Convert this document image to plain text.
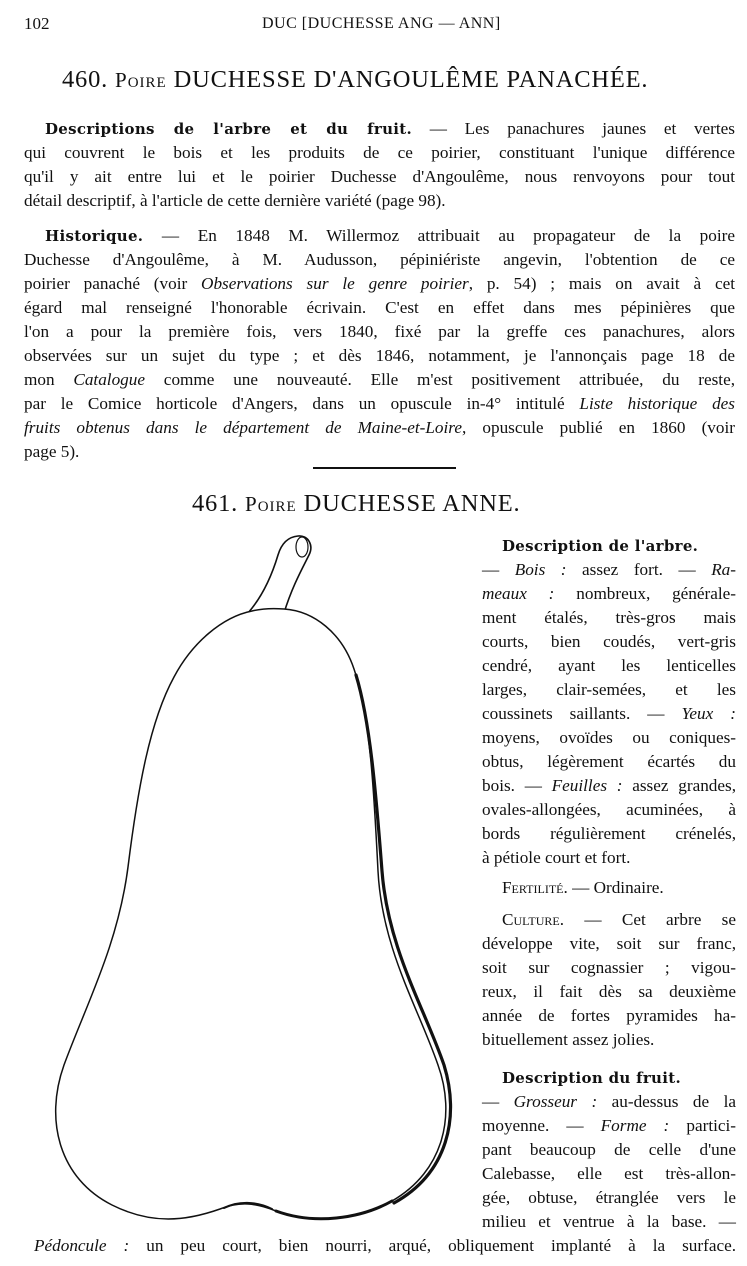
102	DUC [DUCHESSE ANG — ANN]
460. Poire DUCHESSE D'ANGOULÊME PANACHÉE.
Descriptions de l'arbre et du fruit. — Les panachures jaunes et vertes
qui couvrent le bois et les produits de ce poirier, constituant l'unique différence
qu'il y ait entre lui et le poirier Duchesse d'Angoulême, nous renvoyons pour tout
détail descriptif, à l'article de cette dernière variété (page 98).
Historique. — En 1848 M. Willermoz attribuait au propagateur de la poire
Duchesse d'Angoulême, à M. Audusson, pépiniériste angevin, l'obtention de ce
poirier panaché (voir Observations sur le genre poirier, p. 54) ; mais on avait à cet
égard mal renseigné l'honorable écrivain. C'est en effet dans mes pépinières que
l'on a pour la première fois, vers 1840, fixé par la greffe ces panachures, alors
observées sur un sujet du type ; et dès 1846, notamment, je l'annonçais page 18 de
mon Catalogue comme une nouveauté. Elle m'est positivement attribuée, du reste,
par le Comice horticole d'Angers, dans un opuscule in-4° intitulé Liste historique des
fruits obtenus dans le département de Maine-et-Loire, opuscule publié en 1860 (voir
page 5).
461. Poire DUCHESSE ANNE.
Description de l'arbre.
— Bois : assez fort. — Ra-
meaux : nombreux, généralе-
ment étalés, très-gros mais
courts, bien coudés, vert-gris
cendré, ayant les lenticelles
larges, clair-semées, et les
coussinets saillants. — Yeux :
moyens, ovoïdes ou coniques-
obtus, légèrement écartés du
bois. — Feuilles : assez grandes,
ovales-allongées, acuminées, à
bords régulièrement crénelés,
à pétiole court et fort.
Fertilité. — Ordinaire.
Culture. — Cet arbre se
développe vite, soit sur franc,
soit sur cognassier ; vigou-
reux, il fait dès sa deuxième
année de fortes pyramides ha-
bituellement assez jolies.
Description du fruit.
— Grosseur : au-dessus de la
moyenne. — Forme : partici-
pant beaucoup de celle d'une
Calebasse, elle est très-allon-
gée, obtuse, étranglée vers le
milieu et ventrue à la base. —
Pédoncule : un peu court, bien nourri, arqué, obliquement implanté à la surface.
